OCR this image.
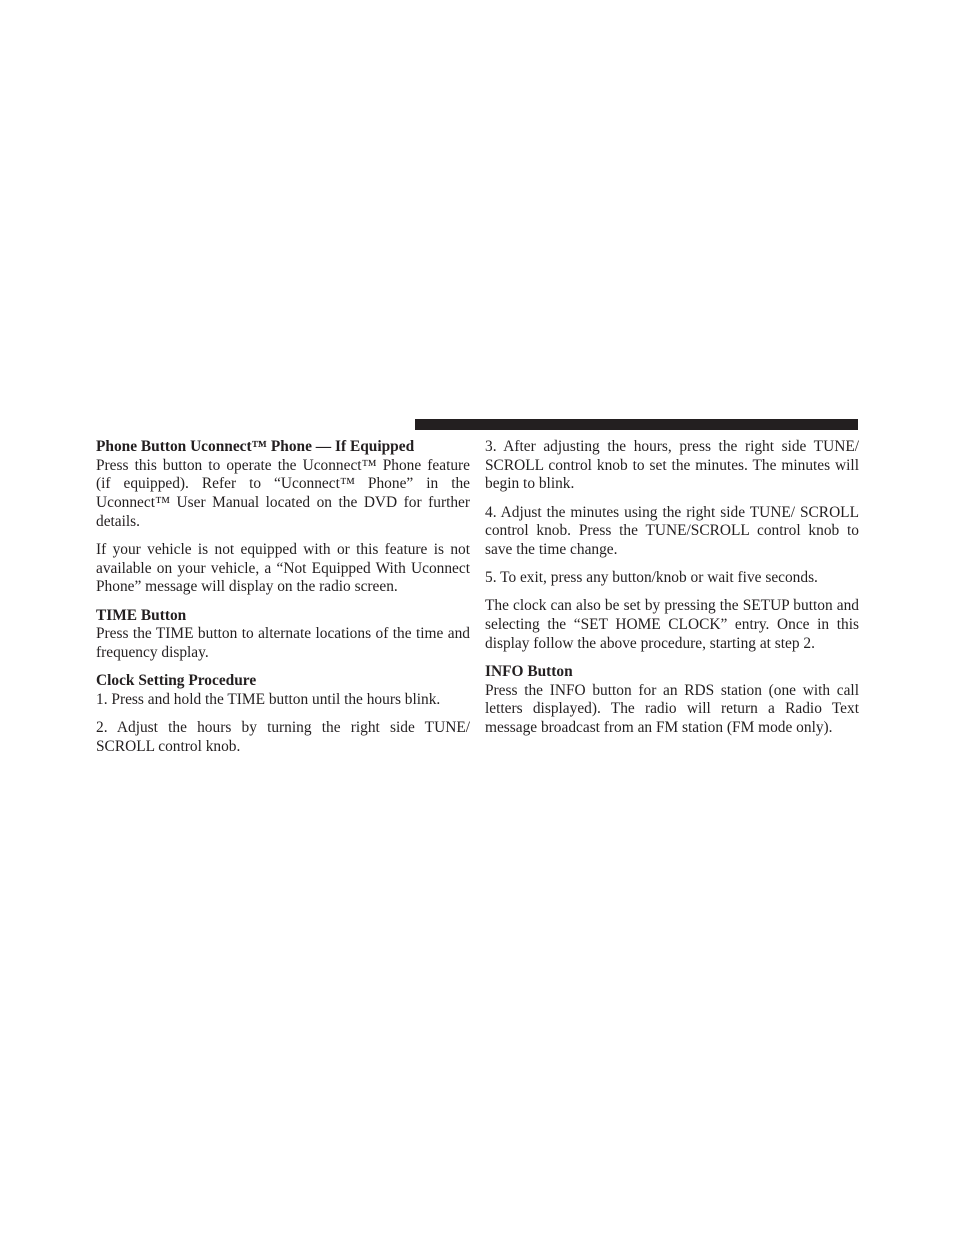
Phone Button Uconnect™ Phone — If Equipped

Press this button to operate the Uconnect™ Phone feature (if equipped). Refer to “Uconnect™ Phone” in the Uconnect™ User Manual located on the DVD for further details.

If your vehicle is not equipped with or this feature is not available on your vehicle, a “Not Equipped With Uconnect Phone” message will display on the radio screen.

TIME Button

Press the TIME button to alternate locations of the time and frequency display.

Clock Setting Procedure

1. Press and hold the TIME button until the hours blink.

2. Adjust the hours by turning the right side TUNE/ SCROLL control knob.

3. After adjusting the hours, press the right side TUNE/ SCROLL control knob to set the minutes. The minutes will begin to blink.

4. Adjust the minutes using the right side TUNE/ SCROLL control knob. Press the TUNE/SCROLL control knob to save the time change.

5. To exit, press any button/knob or wait five seconds.

The clock can also be set by pressing the SETUP button and selecting the “SET HOME CLOCK” entry. Once in this display follow the above procedure, starting at step 2.

INFO Button

Press the INFO button for an RDS station (one with call letters displayed). The radio will return a Radio Text message broadcast from an FM station (FM mode only).
